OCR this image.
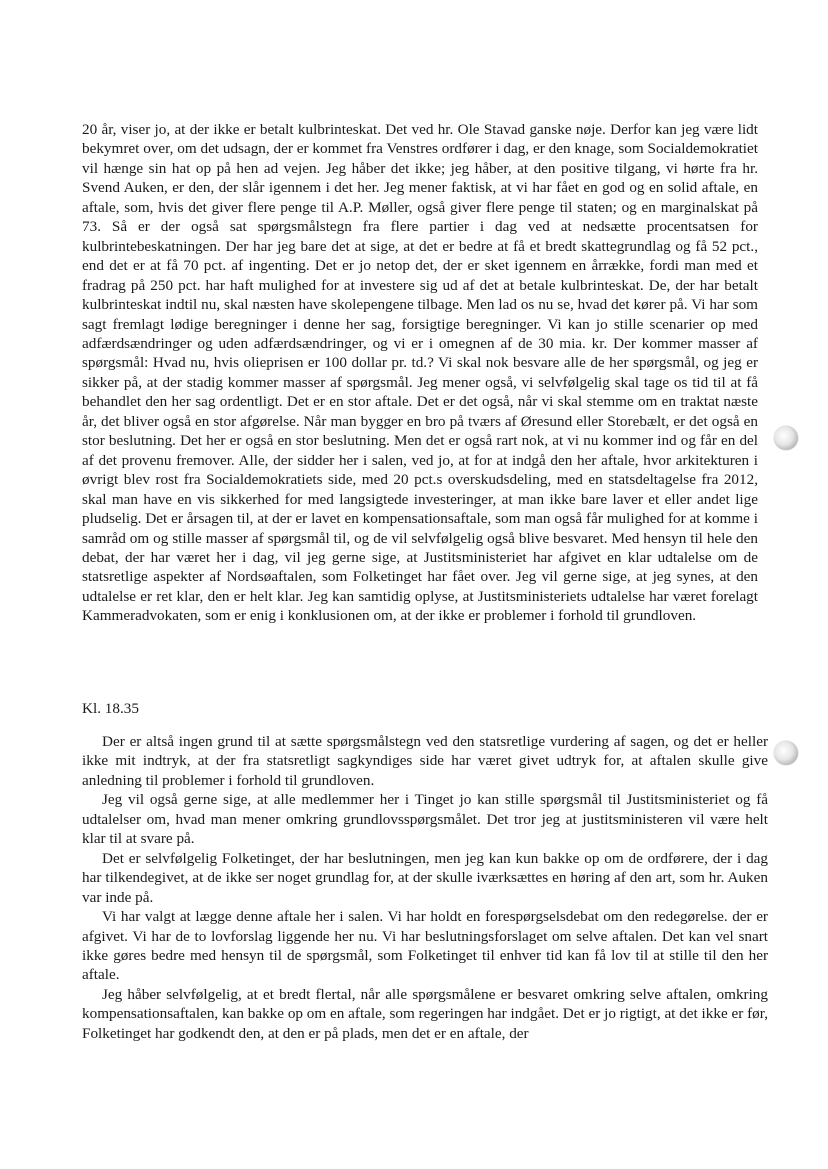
20 år, viser jo, at der ikke er betalt kulbrinteskat. Det ved hr. Ole Stavad ganske nøje. Derfor kan jeg være lidt bekymret over, om det udsagn, der er kommet fra Venstres ordfører i dag, er den knage, som Socialdemokratiet vil hænge sin hat op på hen ad vejen. Jeg håber det ikke; jeg håber, at den positive tilgang, vi hørte fra hr. Svend Auken, er den, der slår igennem i det her. Jeg mener faktisk, at vi har fået en god og en solid aftale, en aftale, som, hvis det giver flere penge til A.P. Møller, også giver flere penge til staten; og en marginalskat på 73. Så er der også sat spørgsmålstegn fra flere partier i dag ved at nedsætte procentsatsen for kulbrintebeskatningen. Der har jeg bare det at sige, at det er bedre at få et bredt skattegrundlag og få 52 pct., end det er at få 70 pct. af ingenting. Det er jo netop det, der er sket igennem en årrække, fordi man med et fradrag på 250 pct. har haft mulighed for at investere sig ud af det at betale kulbrinteskat. De, der har betalt kulbrinteskat indtil nu, skal næsten have skolepengene tilbage. Men lad os nu se, hvad det kører på. Vi har som sagt fremlagt lødige beregninger i denne her sag, forsigtige beregninger. Vi kan jo stille scenarier op med adfærdsændringer og uden adfærdsændringer, og vi er i omegnen af de 30 mia. kr. Der kommer masser af spørgsmål: Hvad nu, hvis olieprisen er 100 dollar pr. td.? Vi skal nok besvare alle de her spørgsmål, og jeg er sikker på, at der stadig kommer masser af spørgsmål. Jeg mener også, vi selvfølgelig skal tage os tid til at få behandlet den her sag ordentligt. Det er en stor aftale. Det er det også, når vi skal stemme om en traktat næste år, det bliver også en stor afgørelse. Når man bygger en bro på tværs af Øresund eller Storebælt, er det også en stor beslutning. Det her er også en stor beslutning. Men det er også rart nok, at vi nu kommer ind og får en del af det provenu fremover. Alle, der sidder her i salen, ved jo, at for at indgå den her aftale, hvor arkitekturen i øvrigt blev rost fra Socialdemokratiets side, med 20 pct.s overskudsdeling, med en statsdeltagelse fra 2012, skal man have en vis sikkerhed for med langsigtede investeringer, at man ikke bare laver et eller andet lige pludselig. Det er årsagen til, at der er lavet en kompensationsaftale, som man også får mulighed for at komme i samråd om og stille masser af spørgsmål til, og de vil selvfølgelig også blive besvaret. Med hensyn til hele den debat, der har været her i dag, vil jeg gerne sige, at Justitsministeriet har afgivet en klar udtalelse om de statsretlige aspekter af Nordsøaftalen, som Folketinget har fået over. Jeg vil gerne sige, at jeg synes, at den udtalelse er ret klar, den er helt klar. Jeg kan samtidig oplyse, at Justitsministeriets udtalelse har været forelagt Kammeradvokaten, som er enig i konklusionen om, at der ikke er problemer i forhold til grundloven.

Kl. 18.35

Der er altså ingen grund til at sætte spørgsmålstegn ved den statsretlige vurdering af sagen, og det er heller ikke mit indtryk, at der fra statsretligt sagkyndiges side har været givet udtryk for, at aftalen skulle give anledning til problemer i forhold til grundloven.

Jeg vil også gerne sige, at alle medlemmer her i Tinget jo kan stille spørgsmål til Justitsministeriet og få udtalelser om, hvad man mener omkring grundlovsspørgsmålet. Det tror jeg at justitsministeren vil være helt klar til at svare på.

Det er selvfølgelig Folketinget, der har beslutningen, men jeg kan kun bakke op om de ordførere, der i dag har tilkendegivet, at de ikke ser noget grundlag for, at der skulle iværksættes en høring af den art, som hr. Auken var inde på.

Vi har valgt at lægge denne aftale her i salen. Vi har holdt en forespørgselsdebat om den redegørelse. der er afgivet. Vi har de to lovforslag liggende her nu. Vi har beslutningsforslaget om selve aftalen. Det kan vel snart ikke gøres bedre med hensyn til de spørgsmål, som Folketinget til enhver tid kan få lov til at stille til den her aftale.

Jeg håber selvfølgelig, at et bredt flertal, når alle spørgsmålene er besvaret omkring selve aftalen, omkring kompensationsaftalen, kan bakke op om en aftale, som regeringen har indgået. Det er jo rigtigt, at det ikke er før, Folketinget har godkendt den, at den er på plads, men det er en aftale, der
